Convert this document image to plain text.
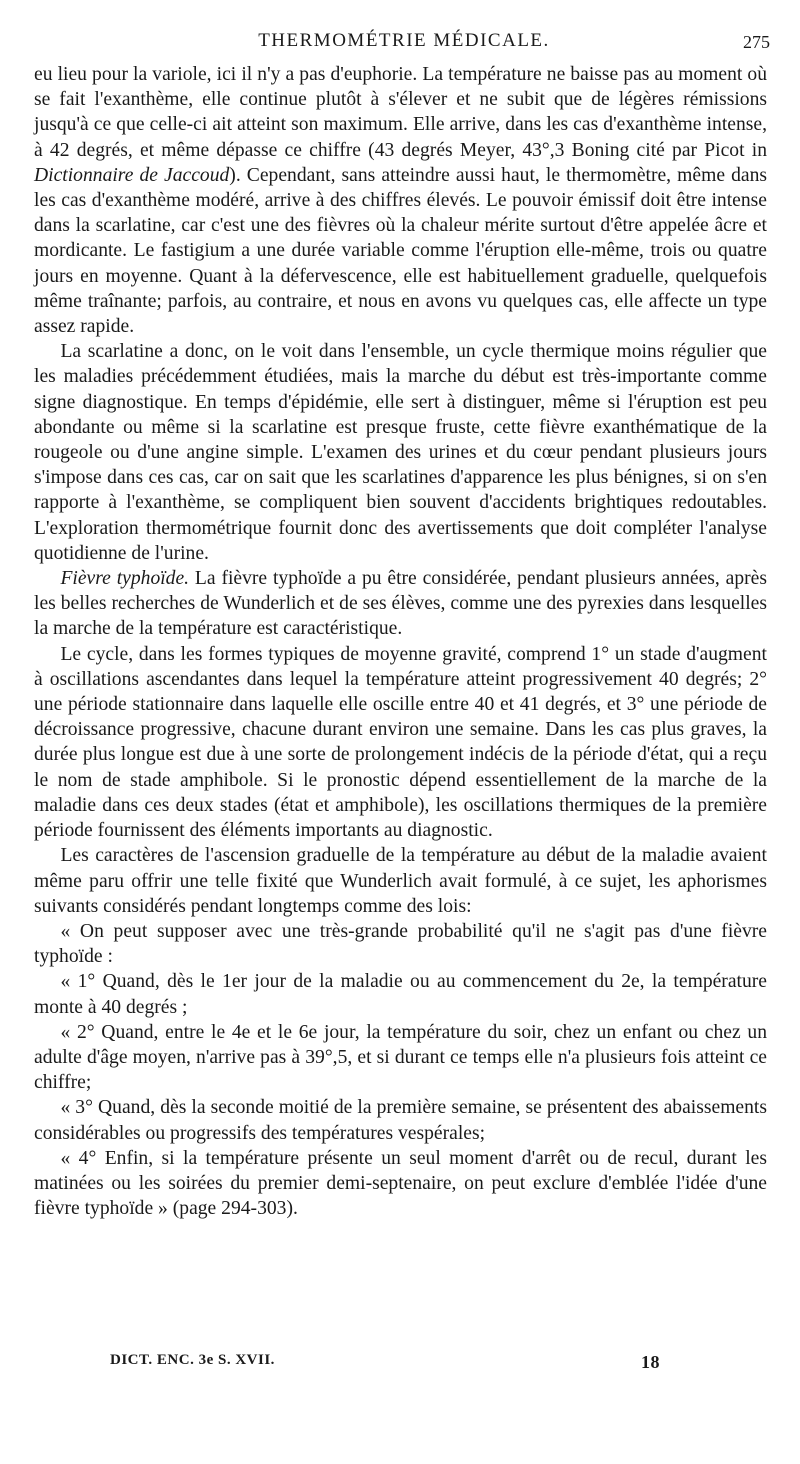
THERMOMÉTRIE MÉDICALE.	275

eu lieu pour la variole, ici il n'y a pas d'euphorie. La température ne baisse pas au moment où se fait l'exanthème, elle continue plutôt à s'élever et ne subit que de légères rémissions jusqu'à ce que celle-ci ait atteint son maximum. Elle arrive, dans les cas d'exanthème intense, à 42 degrés, et même dépasse ce chiffre (43 degrés Meyer, 43°,3 Boning cité par Picot in Dictionnaire de Jaccoud). Cependant, sans atteindre aussi haut, le thermomètre, même dans les cas d'exanthème modéré, arrive à des chiffres élevés. Le pouvoir émissif doit être intense dans la scarlatine, car c'est une des fièvres où la chaleur mérite surtout d'être appelée âcre et mordicante. Le fastigium a une durée variable comme l'éruption elle-même, trois ou quatre jours en moyenne. Quant à la défervescence, elle est habituellement graduelle, quelquefois même traînante; parfois, au contraire, et nous en avons vu quelques cas, elle affecte un type assez rapide.

La scarlatine a donc, on le voit dans l'ensemble, un cycle thermique moins régulier que les maladies précédemment étudiées, mais la marche du début est très-importante comme signe diagnostique. En temps d'épidémie, elle sert à distinguer, même si l'éruption est peu abondante ou même si la scarlatine est presque fruste, cette fièvre exanthématique de la rougeole ou d'une angine simple. L'examen des urines et du cœur pendant plusieurs jours s'impose dans ces cas, car on sait que les scarlatines d'apparence les plus bénignes, si on s'en rapporte à l'exanthème, se compliquent bien souvent d'accidents brightiques redoutables. L'exploration thermométrique fournit donc des avertissements que doit compléter l'analyse quotidienne de l'urine.

Fièvre typhoïde. La fièvre typhoïde a pu être considérée, pendant plusieurs années, après les belles recherches de Wunderlich et de ses élèves, comme une des pyrexies dans lesquelles la marche de la température est caractéristique.

Le cycle, dans les formes typiques de moyenne gravité, comprend 1° un stade d'augment à oscillations ascendantes dans lequel la température atteint progressivement 40 degrés; 2° une période stationnaire dans laquelle elle oscille entre 40 et 41 degrés, et 3° une période de décroissance progressive, chacune durant environ une semaine. Dans les cas plus graves, la durée plus longue est due à une sorte de prolongement indécis de la période d'état, qui a reçu le nom de stade amphibole. Si le pronostic dépend essentiellement de la marche de la maladie dans ces deux stades (état et amphibole), les oscillations thermiques de la première période fournissent des éléments importants au diagnostic.

Les caractères de l'ascension graduelle de la température au début de la maladie avaient même paru offrir une telle fixité que Wunderlich avait formulé, à ce sujet, les aphorismes suivants considérés pendant longtemps comme des lois:

« On peut supposer avec une très-grande probabilité qu'il ne s'agit pas d'une fièvre typhoïde :

« 1° Quand, dès le 1er jour de la maladie ou au commencement du 2e, la température monte à 40 degrés ;

« 2° Quand, entre le 4e et le 6e jour, la température du soir, chez un enfant ou chez un adulte d'âge moyen, n'arrive pas à 39°,5, et si durant ce temps elle n'a plusieurs fois atteint ce chiffre;

« 3° Quand, dès la seconde moitié de la première semaine, se présentent des abaissements considérables ou progressifs des températures vespérales;

« 4° Enfin, si la température présente un seul moment d'arrêt ou de recul, durant les matinées ou les soirées du premier demi-septenaire, on peut exclure d'emblée l'idée d'une fièvre typhoïde » (page 294-303).

DICT. ENC. 3e S. XVII.	18
